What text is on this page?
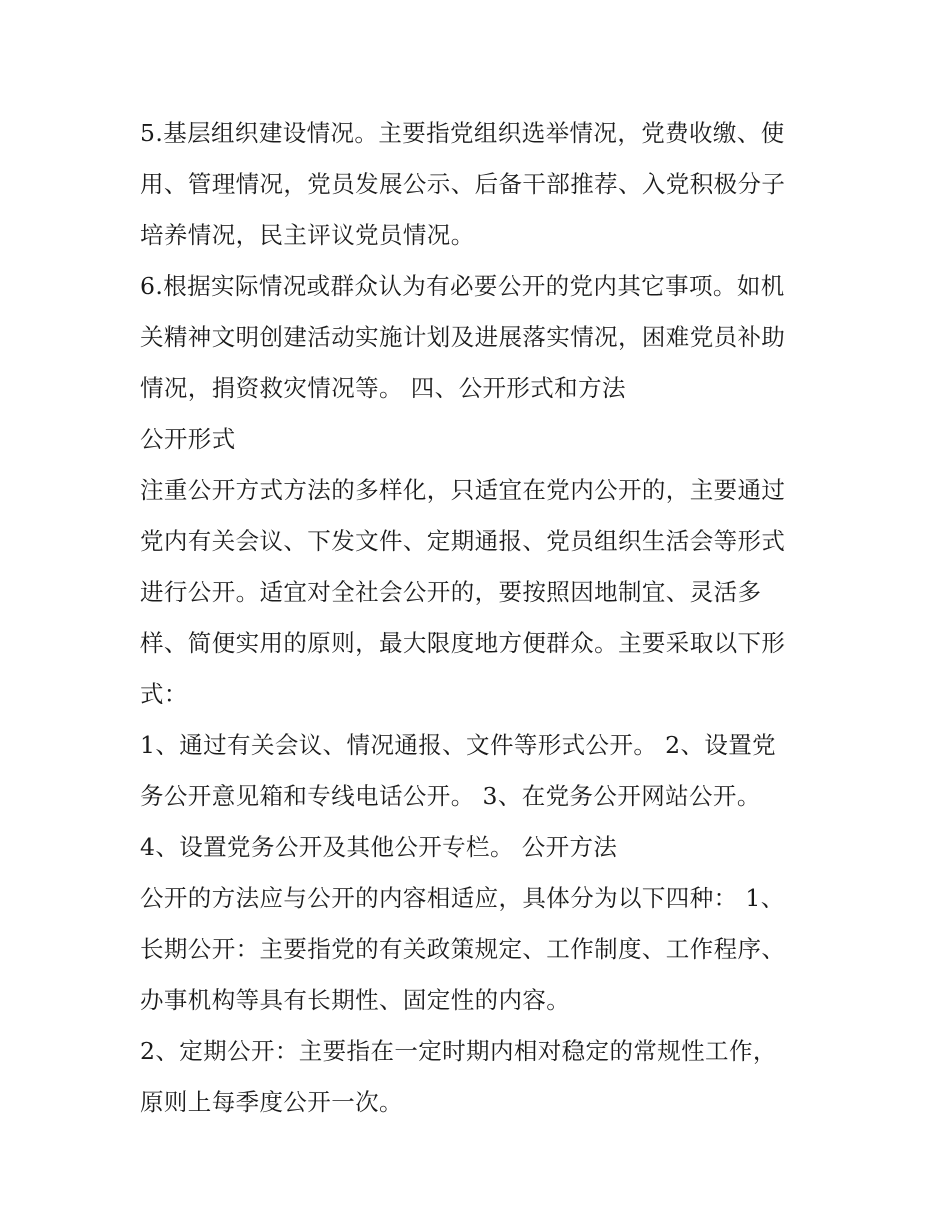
5.基层组织建设情况。主要指党组织选举情况，党费收缴、使
用、管理情况，党员发展公示、后备干部推荐、入党积极分子
培养情况，民主评议党员情况。
6.根据实际情况或群众认为有必要公开的党内其它事项。如机
关精神文明创建活动实施计划及进展落实情况，困难党员补助
情况，捐资救灾情况等。 四、公开形式和方法
公开形式
注重公开方式方法的多样化，只适宜在党内公开的，主要通过
党内有关会议、下发文件、定期通报、党员组织生活会等形式
进行公开。适宜对全社会公开的，要按照因地制宜、灵活多
样、简便实用的原则，最大限度地方便群众。主要采取以下形
式：
1、通过有关会议、情况通报、文件等形式公开。 2、设置党
务公开意见箱和专线电话公开。 3、在党务公开网站公开。
4、设置党务公开及其他公开专栏。 公开方法
公开的方法应与公开的内容相适应，具体分为以下四种： 1、
长期公开：主要指党的有关政策规定、工作制度、工作程序、
办事机构等具有长期性、固定性的内容。
2、定期公开：主要指在一定时期内相对稳定的常规性工作，
原则上每季度公开一次。
